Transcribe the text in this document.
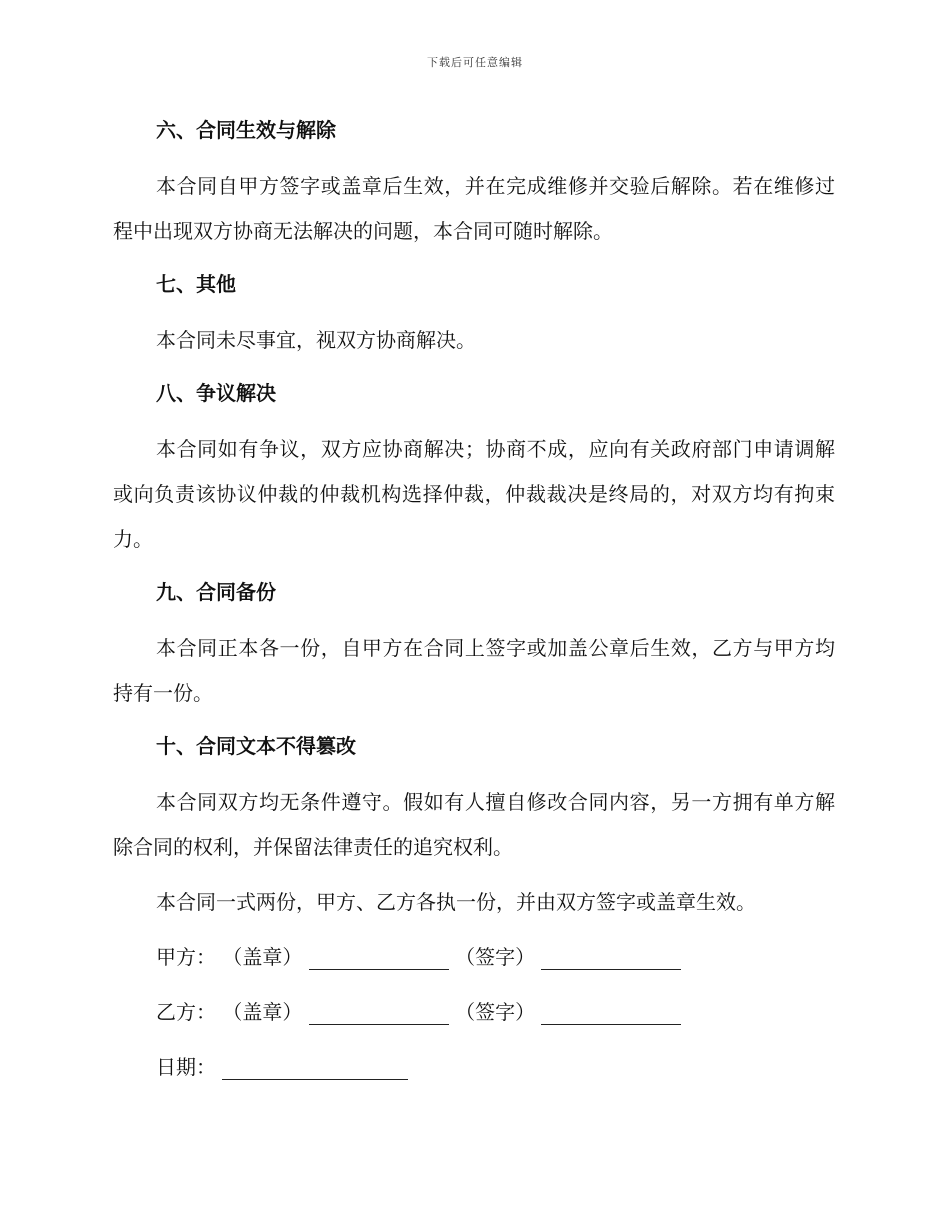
下载后可任意编辑
六、合同生效与解除

本合同自甲方签字或盖章后生效，并在完成维修并交验后解除。若在维修过程中出现双方协商无法解决的问题，本合同可随时解除。

七、其他

本合同未尽事宜，视双方协商解决。

八、争议解决

本合同如有争议，双方应协商解决；协商不成，应向有关政府部门申请调解或向负责该协议仲裁的仲裁机构选择仲裁，仲裁裁决是终局的，对双方均有拘束力。

九、合同备份

本合同正本各一份，自甲方在合同上签字或加盖公章后生效，乙方与甲方均持有一份。

十、合同文本不得篡改

本合同双方均无条件遵守。假如有人擅自修改合同内容，另一方拥有单方解除合同的权利，并保留法律责任的追究权利。

本合同一式两份，甲方、乙方各执一份，并由双方签字或盖章生效。

甲方： （盖章）	（签字）
乙方： （盖章）	（签字）
日期：
